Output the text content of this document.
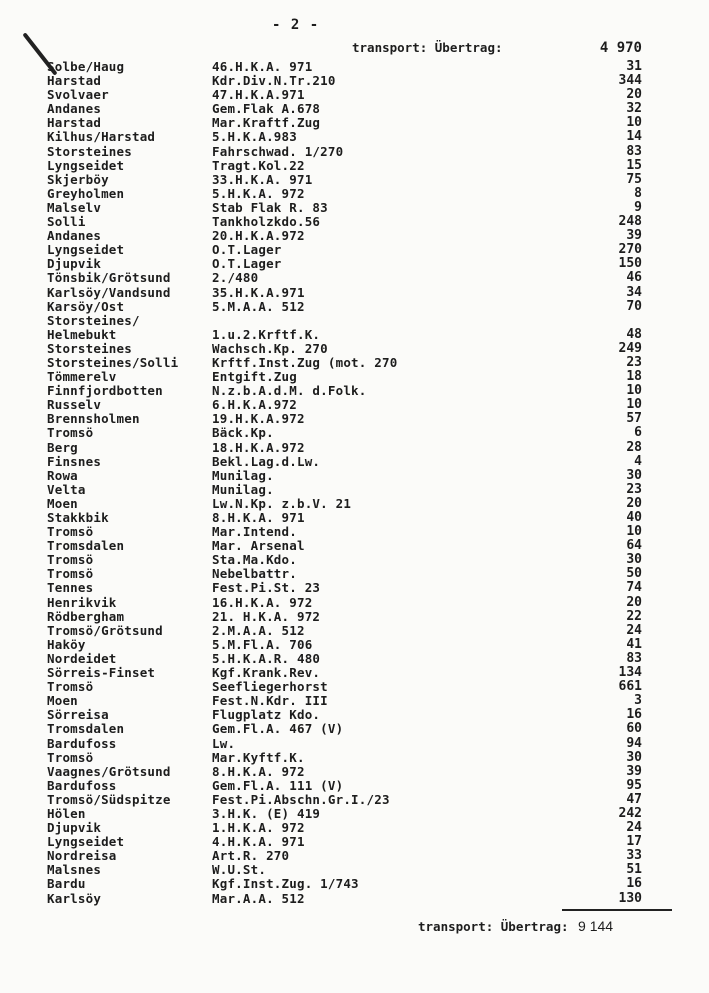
- 2 -
transport: Übertrag:	4 970
Solbe/Haug	46.H.K.A. 971	31
Harstad	Kdr.Div.N.Tr.210	344
Svolvaer	47.H.K.A.971	20
Andanes	Gem.Flak A.678	32
Harstad	Mar.Kraftf.Zug	10
Kilhus/Harstad	5.H.K.A.983	14
Storsteines	Fahrschwad. 1/270	83
Lyngseidet	Tragt.Kol.22	15
Skjerböy	33.H.K.A. 971	75
Greyholmen	5.H.K.A. 972	8
Malselv	Stab Flak R. 83	9
Solli	Tankholzkdo.56	248
Andanes	20.H.K.A.972	39
Lyngseidet	O.T.Lager	270
Djupvik	O.T.Lager	150
Tönsbik/Grötsund	2./480	46
Karlsöy/Vandsund	35.H.K.A.971	34
Karsöy/Ost	5.M.A.A. 512	70
Storsteines/
Helmebukt	1.u.2.Krftf.K.	48
Storsteines	Wachsch.Kp. 270	249
Storsteines/Solli	Krftf.Inst.Zug (mot. 270	23
Tömmerelv	Entgift.Zug	18
Finnfjordbotten	N.z.b.A.d.M. d.Folk.	10
Russelv	6.H.K.A.972	10
Brennsholmen	19.H.K.A.972	57
Tromsö	Bäck.Kp.	6
Berg	18.H.K.A.972	28
Finsnes	Bekl.Lag.d.Lw.	4
Rowa	Munilag.	30
Velta	Munilag.	23
Moen	Lw.N.Kp. z.b.V. 21	20
Stakkbik	8.H.K.A. 971	40
Tromsö	Mar.Intend.	10
Tromsdalen	Mar. Arsenal	64
Tromsö	Sta.Ma.Kdo.	30
Tromsö	Nebelbattr.	50
Tennes	Fest.Pi.St. 23	74
Henrikvik	16.H.K.A. 972	20
Rödbergham	21. H.K.A. 972	22
Tromsö/Grötsund	2.M.A.A. 512	24
Haköy	5.M.Fl.A. 706	41
Nordeidet	5.H.K.A.R. 480	83
Sörreis-Finset	Kgf.Krank.Rev.	134
Tromsö	Seefliegerhorst	661
Moen	Fest.N.Kdr. III	3
Sörreisa	Flugplatz Kdo.	16
Tromsdalen	Gem.Fl.A. 467 (V)	60
Bardufoss	Lw.	94
Tromsö	Mar.Kyftf.K.	30
Vaagnes/Grötsund	8.H.K.A. 972	39
Bardufoss	Gem.Fl.A. 111 (V)	95
Tromsö/Südspitze	Fest.Pi.Abschn.Gr.I./23	47
Hölen	3.H.K. (E) 419	242
Djupvik	1.H.K.A. 972	24
Lyngseidet	4.H.K.A. 971	17
Nordreisa	Art.R. 270	33
Malsnes	W.U.St.	51
Bardu	Kgf.Inst.Zug. 1/743	16
Karlsöy	Mar.A.A. 512	130
transport: Übertrag: 9 144
